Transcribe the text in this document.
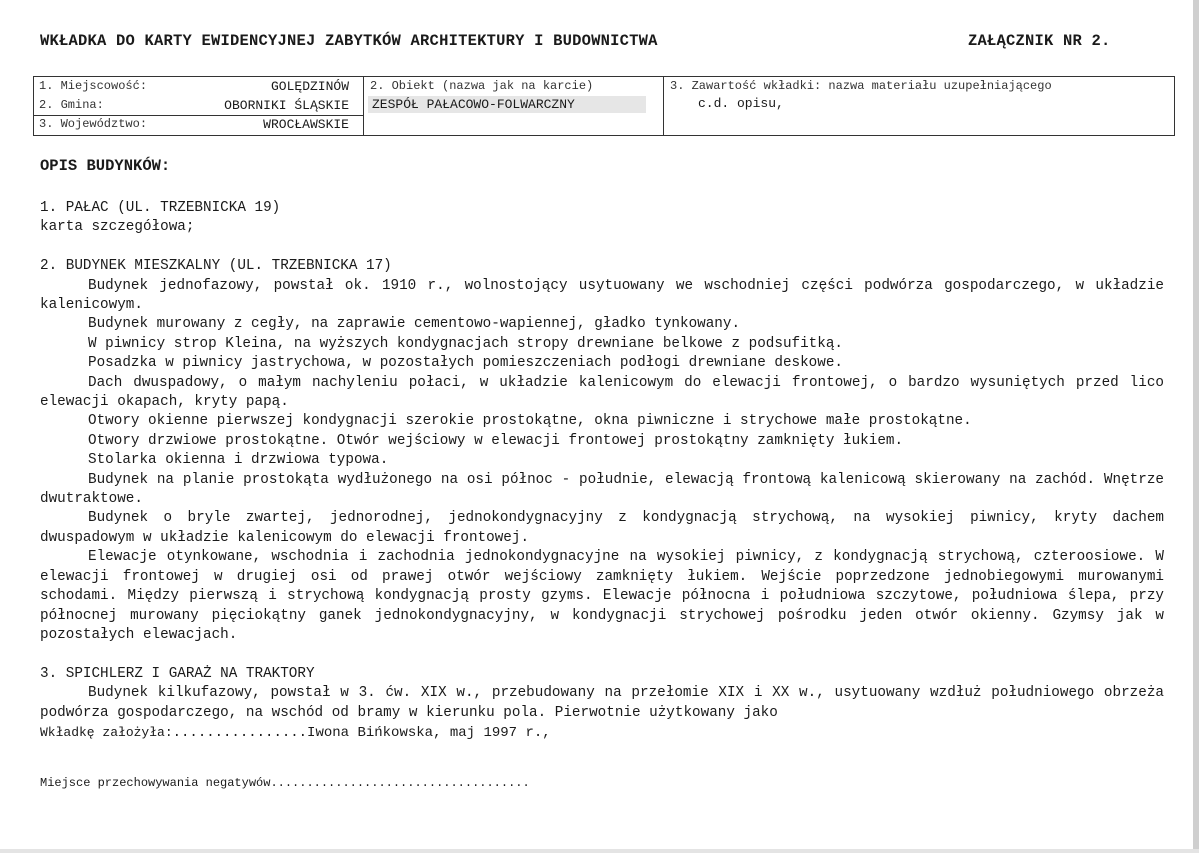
WKŁADKA DO KARTY EWIDENCYJNEJ ZABYTKÓW ARCHITEKTURY I BUDOWNICTWA	ZAŁĄCZNIK NR 2.
1. Miejscowość:	GOLĘDZINÓW
2. Gmina:	OBORNIKI ŚLĄSKIE
3. Województwo:	WROCŁAWSKIE
2. Obiekt (nazwa jak na karcie)
ZESPÓŁ PAŁACOWO-FOLWARCZNY
3. Zawartość wkładki: nazwa materiału uzupełniającego
c.d. opisu,
OPIS BUDYNKÓW:
1. PAŁAC (UL. TRZEBNICKA 19)
karta szczegółowa;
2. BUDYNEK MIESZKALNY (UL. TRZEBNICKA 17)
Budynek jednofazowy, powstał ok. 1910 r., wolnostojący usytuowany we wschodniej części podwórza gospodarczego, w układzie kalenicowym.
Budynek murowany z cegły, na zaprawie cementowo-wapiennej, gładko tynkowany.
W piwnicy strop Kleina, na wyższych kondygnacjach stropy drewniane belkowe z podsufitką.
Posadzka w piwnicy jastrychowa, w pozostałych pomieszczeniach podłogi drewniane deskowe.
Dach dwuspadowy, o małym nachyleniu połaci, w układzie kalenicowym do elewacji frontowej, o bardzo wysuniętych przed lico elewacji okapach, kryty papą.
Otwory okienne pierwszej kondygnacji szerokie prostokątne, okna piwniczne i strychowe małe prostokątne.
Otwory drzwiowe prostokątne. Otwór wejściowy w elewacji frontowej prostokątny zamknięty łukiem.
Stolarka okienna i drzwiowa typowa.
Budynek na planie prostokąta wydłużonego na osi północ - południe, elewacją frontową kalenicową skierowany na zachód. Wnętrze dwutraktowe.
Budynek o bryle zwartej, jednorodnej, jednokondygnacyjny z kondygnacją strychową, na wysokiej piwnicy, kryty dachem dwuspadowym w układzie kalenicowym do elewacji frontowej.
Elewacje otynkowane, wschodnia i zachodnia jednokondygnacyjne na wysokiej piwnicy, z kondygnacją strychową, czteroosiowe. W elewacji frontowej w drugiej osi od prawej otwór wejściowy zamknięty łukiem. Wejście poprzedzone jednobiegowymi murowanymi schodami. Między pierwszą i strychową kondygnacją prosty gzyms. Elewacje północna i południowa szczytowe, południowa ślepa, przy północnej murowany pięciokątny ganek jednokondygnacyjny, w kondygnacji strychowej pośrodku jeden otwór okienny. Gzymsy jak w pozostałych elewacjach.
3. SPICHLERZ I GARAŻ NA TRAKTORY
Budynek kilkufazowy, powstał w 3. ćw. XIX w., przebudowany na przełomie XIX i XX w., usytuowany wzdłuż południowego obrzeża podwórza gospodarczego, na wschód od bramy w kierunku pola. Pierwotnie użytkowany jako
Wkładkę założyła:................Iwona Bińkowska, maj 1997 r.,
Miejsce przechowywania negatywów....................................
